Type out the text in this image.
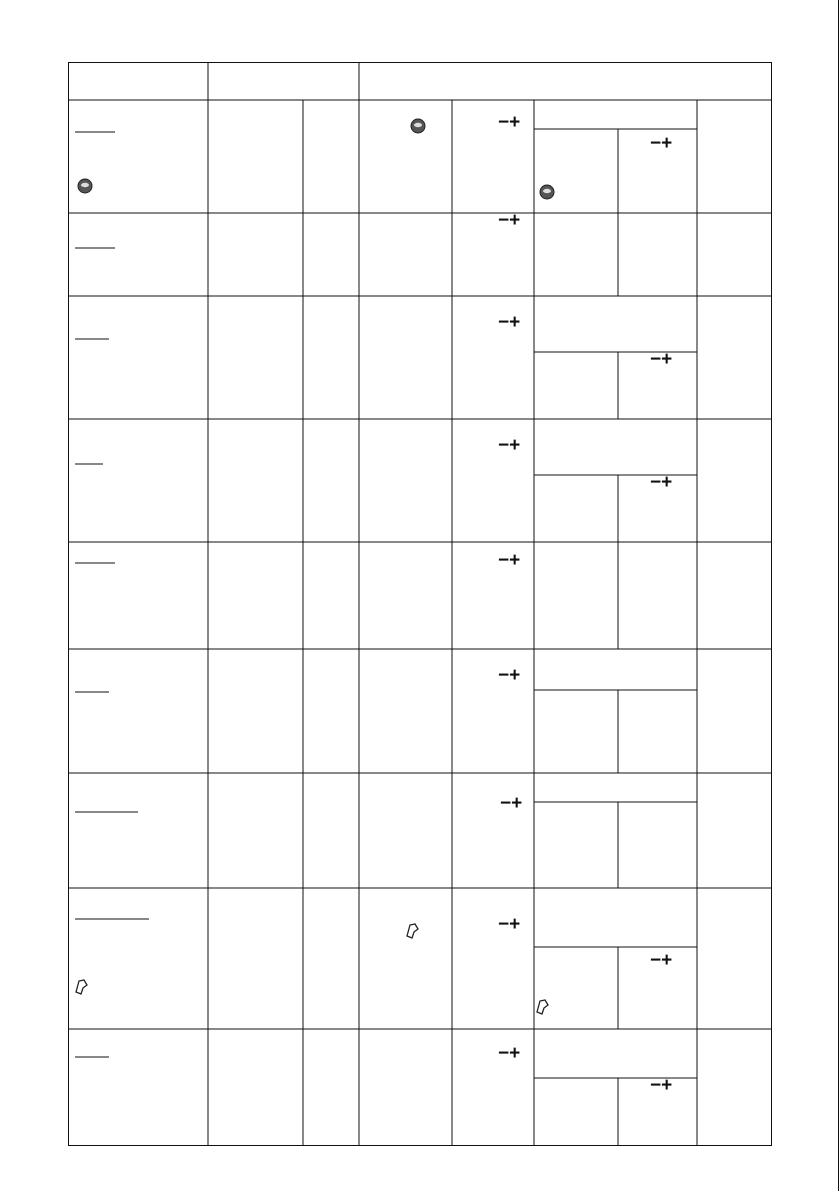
−+
−+
−+
−+
−+
−+
−+
−+
−+
−+
−+
−+
−+
−+
